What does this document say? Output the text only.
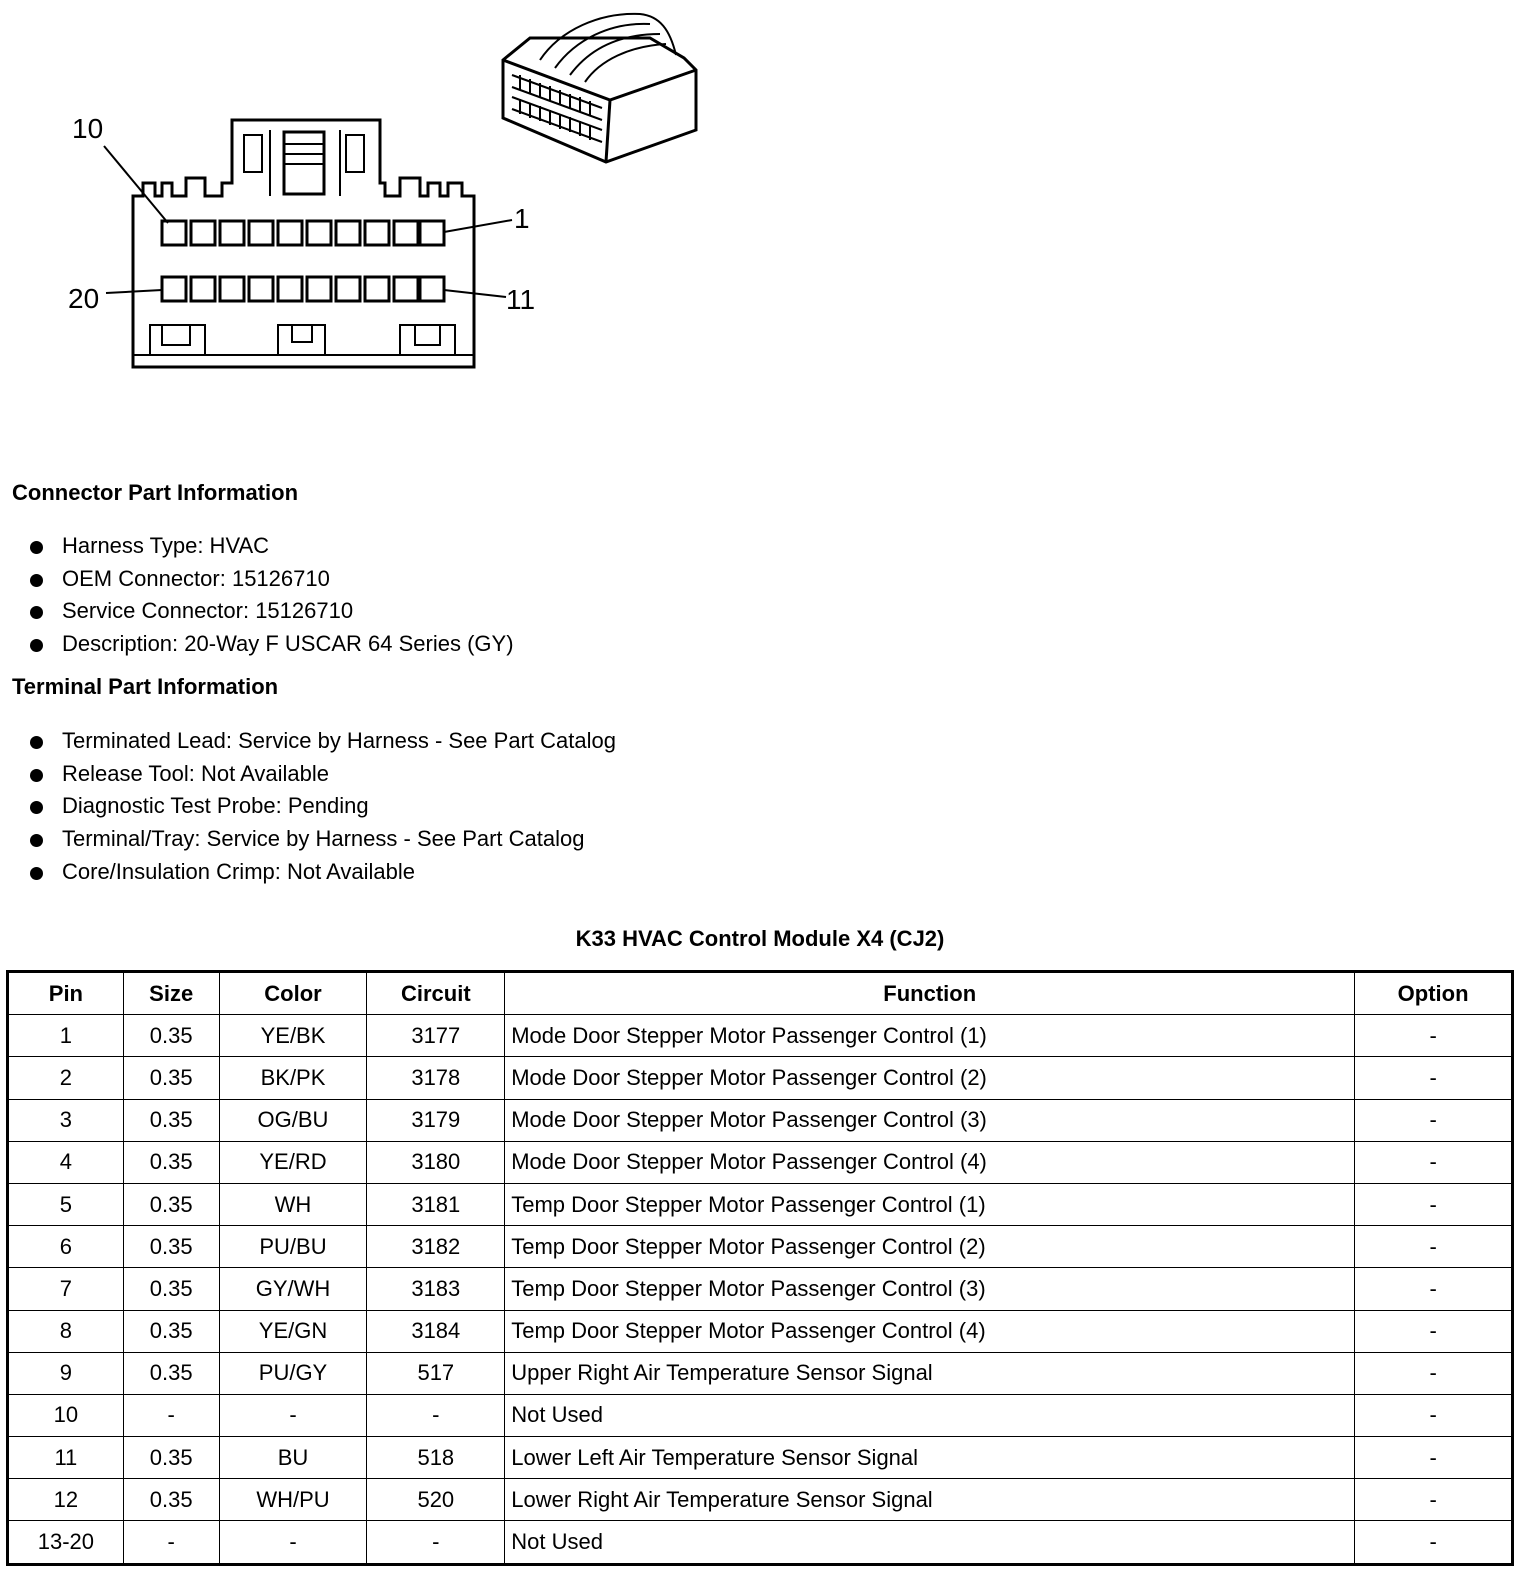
10
1
20	11
Connector Part Information
Harness Type: HVAC
OEM Connector: 15126710
Service Connector: 15126710
Description: 20-Way F USCAR 64 Series (GY)
Terminal Part Information
Terminated Lead: Service by Harness - See Part Catalog
Release Tool: Not Available
Diagnostic Test Probe: Pending
Terminal/Tray: Service by Harness - See Part Catalog
Core/Insulation Crimp: Not Available
K33 HVAC Control Module X4 (CJ2)
Pin	Size	Color	Circuit	Function	Option
1	0.35	YE/BK	3177	Mode Door Stepper Motor Passenger Control (1)	-
2	0.35	BK/PK	3178	Mode Door Stepper Motor Passenger Control (2)	-
3	0.35	OG/BU	3179	Mode Door Stepper Motor Passenger Control (3)	-
4	0.35	YE/RD	3180	Mode Door Stepper Motor Passenger Control (4)	-
5	0.35	WH	3181	Temp Door Stepper Motor Passenger Control (1)	-
6	0.35	PU/BU	3182	Temp Door Stepper Motor Passenger Control (2)	-
7	0.35	GY/WH	3183	Temp Door Stepper Motor Passenger Control (3)	-
8	0.35	YE/GN	3184	Temp Door Stepper Motor Passenger Control (4)	-
9	0.35	PU/GY	517	Upper Right Air Temperature Sensor Signal	-
10	-	-	-	Not Used	-
11	0.35	BU	518	Lower Left Air Temperature Sensor Signal	-
12	0.35	WH/PU	520	Lower Right Air Temperature Sensor Signal	-
13-20	-	-	-	Not Used	-
